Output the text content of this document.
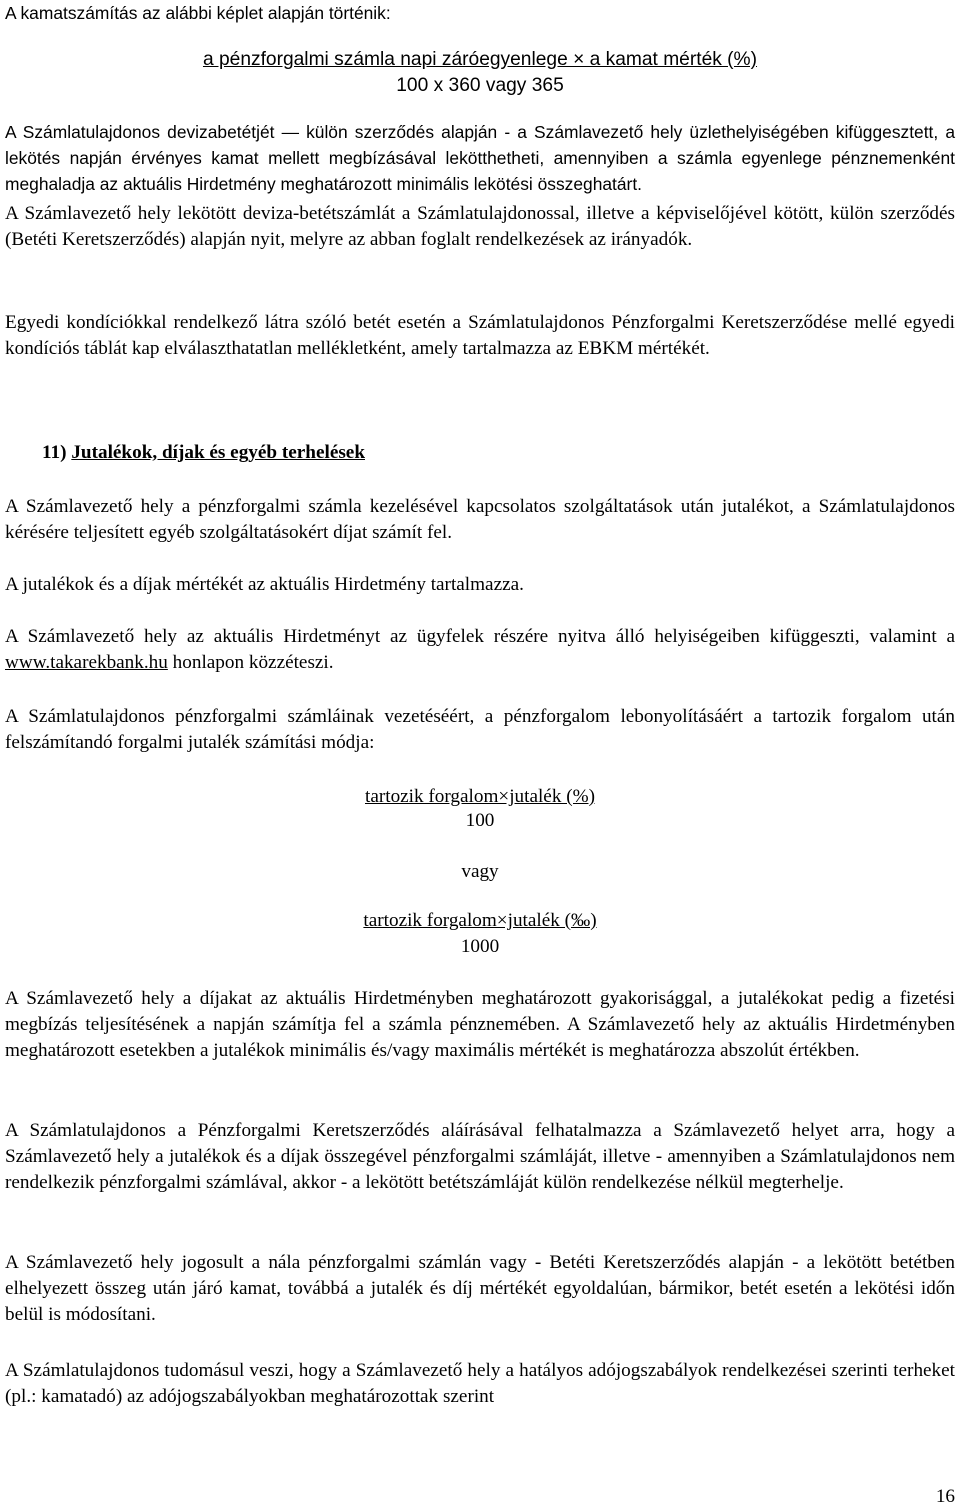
A kamatszámítás az alábbi képlet alapján történik:
a pénzforgalmi számla napi záróegyenlege × a kamat mérték (%)
100 x 360 vagy 365
A Számlatulajdonos devizabetétjét ― külön szerződés alapján - a Számlavezető hely üzlethelyiségében kifüggesztett, a lekötés napján érvényes kamat mellett megbízásával lekötthetheti, amennyiben a számla egyenlege pénznemenként meghaladja az aktuális Hirdetmény meghatározott minimális lekötési összeghatárt.
A Számlavezető hely lekötött deviza-betétszámlát a Számlatulajdonossal, illetve a képviselőjével kötött, külön szerződés (Betéti Keretszerződés) alapján nyit, melyre az abban foglalt rendelkezések az irányadók.
Egyedi kondíciókkal rendelkező látra szóló betét esetén a Számlatulajdonos Pénzforgalmi Keretszerződése mellé egyedi kondíciós táblát kap elválaszthatatlan mellékletként, amely tartalmazza az EBKM mértékét.
11) Jutalékok, díjak és egyéb terhelések
A Számlavezető hely a pénzforgalmi számla kezelésével kapcsolatos szolgáltatások után jutalékot, a Számlatulajdonos kérésére teljesített egyéb szolgáltatásokért díjat számít fel.
A jutalékok és a díjak mértékét az aktuális Hirdetmény tartalmazza.
A Számlavezető hely az aktuális Hirdetményt az ügyfelek részére nyitva álló helyiségeiben kifüggeszti, valamint a www.takarekbank.hu honlapon közzéteszi.
A Számlatulajdonos pénzforgalmi számláinak vezetéséért, a pénzforgalom lebonyolításáért a tartozik forgalom után felszámítandó forgalmi jutalék számítási módja:
tartozik forgalom×jutalék (%)
100
vagy
tartozik forgalom×jutalék (‰)
1000
A Számlavezető hely a díjakat az aktuális Hirdetményben meghatározott gyakorisággal, a jutalékokat pedig a fizetési megbízás teljesítésének a napján számítja fel a számla pénznemében. A Számlavezető hely az aktuális Hirdetményben meghatározott esetekben a jutalékok minimális és/vagy maximális mértékét is meghatározza abszolút értékben.
A Számlatulajdonos a Pénzforgalmi Keretszerződés aláírásával felhatalmazza a Számlavezető helyet arra, hogy a Számlavezető hely a jutalékok és a díjak összegével pénzforgalmi számláját, illetve - amennyiben a Számlatulajdonos nem rendelkezik pénzforgalmi számlával, akkor - a lekötött betétszámláját külön rendelkezése nélkül megterhelje.
A Számlavezető hely jogosult a nála pénzforgalmi számlán vagy - Betéti Keretszerződés alapján - a lekötött betétben elhelyezett összeg után járó kamat, továbbá a jutalék és díj mértékét egyoldalúan, bármikor, betét esetén a lekötési időn belül is módosítani.
A Számlatulajdonos tudomásul veszi, hogy a Számlavezető hely a hatályos adójogszabályok rendelkezései szerinti terheket (pl.: kamatadó) az adójogszabályokban meghatározottak szerint
16
